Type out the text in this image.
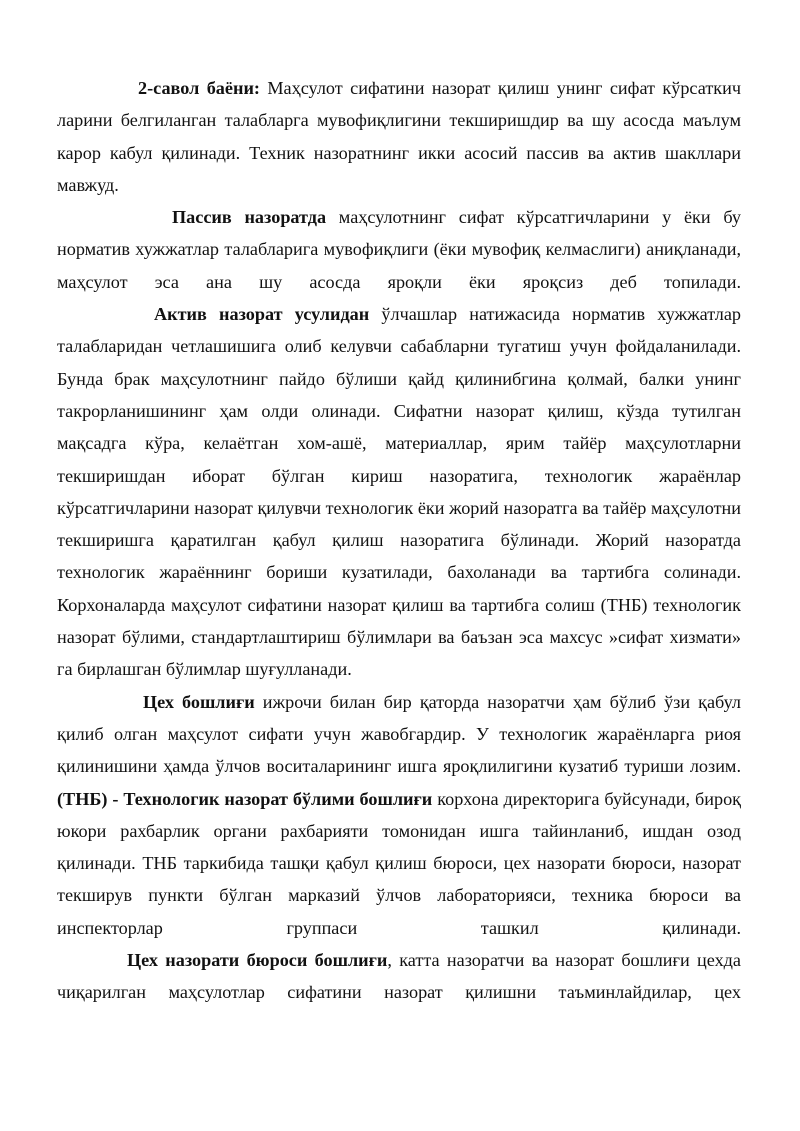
2-савол баёни: Маҳсулот сифатини назорат қилиш унинг сифат кўрсаткич ларини белгиланган талабларга мувофиқлигини текширишдир ва шу асосда маълум карор кабул қилинади. Техник назоратнинг икки асосий пассив ва актив шакллари мавжуд.

Пассив назоратда маҳсулотнинг сифат кўрсатгичларини у ёки бу норматив хужжатлар талабларига мувофиқлиги (ёки мувофиқ келмаслиги) аниқланади, маҳсулот эса ана шу асосда яроқли ёки яроқсиз деб топилади.

Актив назорат усулидан ўлчашлар натижасида норматив хужжатлар талабларидан четлашишига олиб келувчи сабабларни тугатиш учун фойдаланилади. Бунда брак маҳсулотнинг пайдо бўлиши қайд қилинибгина қолмай, балки унинг такрорланишининг ҳам олди олинади. Сифатни назорат қилиш, кўзда тутилган мақсадга кўра, келаётган хом-ашё, материаллар, ярим тайёр маҳсулотларни текширишдан иборат бўлган кириш назоратига, технологик жараёнлар кўрсатгичларини назорат қилувчи технологик ёки жорий назоратга ва тайёр маҳсулотни текширишга қаратилган қабул қилиш назоратига бўлинади. Жорий назоратда технологик жараённинг бориши кузатилади, бахоланади ва тартибга солинади. Корхоналарда маҳсулот сифатини назорат қилиш ва тартибга солиш (ТНБ) технологик назорат бўлими, стандартлаштириш бўлимлари ва баъзан эса махсус »сифат хизмати» га бирлашган бўлимлар шуғулланади.

Цех бошлиғи ижрочи билан бир қаторда назоратчи ҳам бўлиб ўзи қабул қилиб олган маҳсулот сифати учун жавобгардир. У технологик жараёнларга риоя қилинишини ҳамда ўлчов воситаларининг ишга яроқлилигини кузатиб туриши лозим. (ТНБ) - Технологик назорат бўлими бошлиғи корхона директорига буйсунади, бироқ юкори рахбарлик органи рахбарияти томонидан ишга тайинланиб, ишдан озод қилинади. ТНБ таркибида ташқи қабул қилиш бюроси, цех назорати бюроси, назорат текширув пункти бўлган марказий ўлчов лабораторияси, техника бюроси ва инспекторлар группаси ташкил қилинади.

Цех назорати бюроси бошлиғи, катта назоратчи ва назорат бошлиғи цехда чиқарилган маҳсулотлар сифатини назорат қилишни таъминлайдилар, цех
